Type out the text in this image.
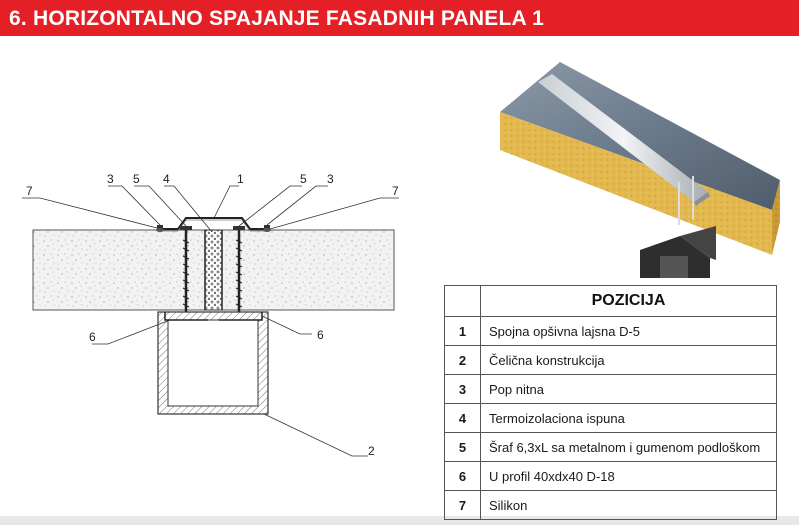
6. HORIZONTALNO SPAJANJE FASADNIH PANELA 1
7
3 5 4	1	5 3
7
6	6
2
	POZICIJA
1	Spojna opšivna lajsna D-5
2	Čelična konstrukcija
3	Pop nitna
4	Termoizolaciona ispuna
5	Šraf 6,3xL sa metalnom i gumenom podloškom
6	U profil 40xdx40 D-18
7	Silikon
